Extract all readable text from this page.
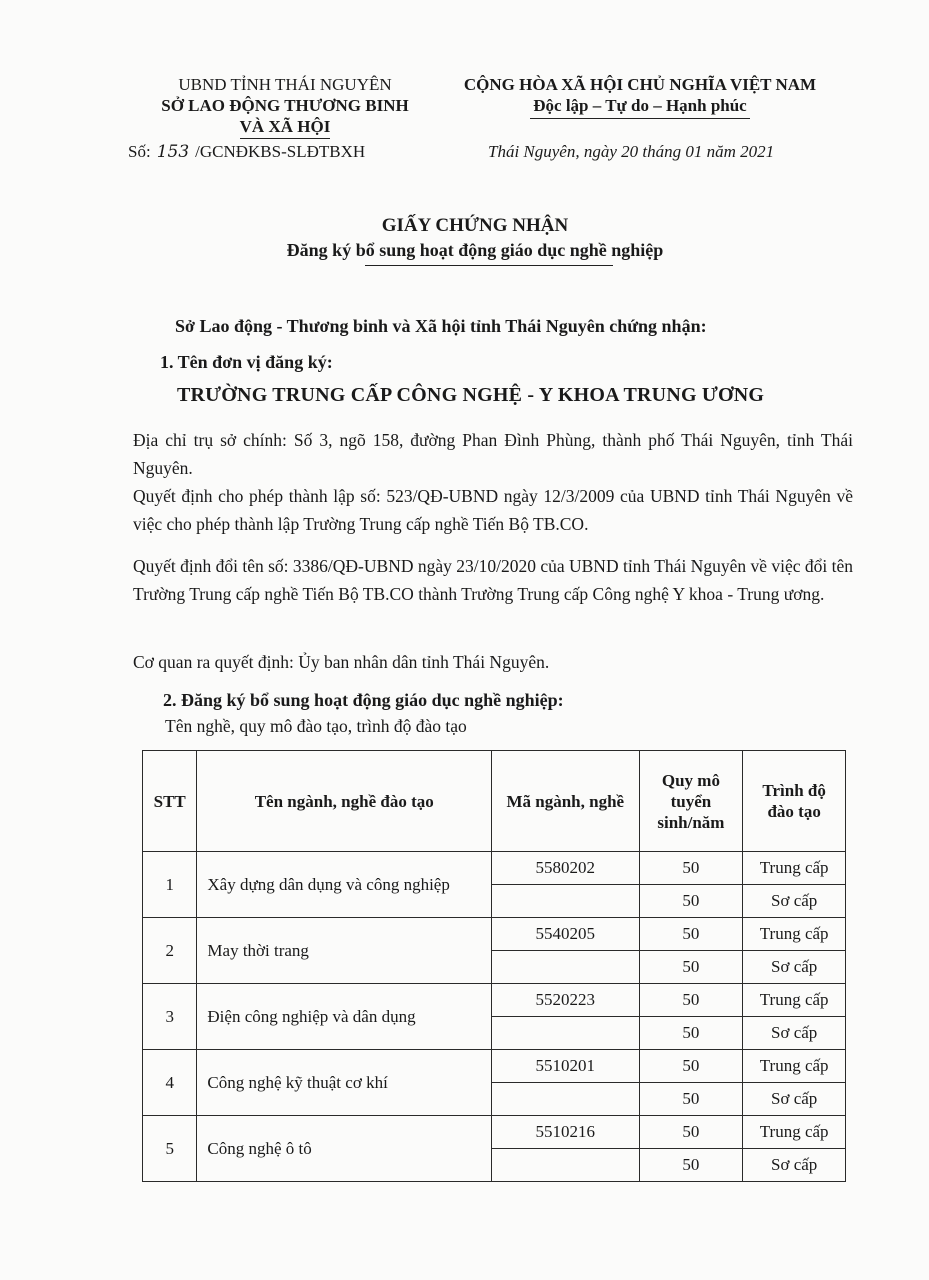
UBND TỈNH THÁI NGUYÊN
SỞ LAO ĐỘNG THƯƠNG BINH
VÀ XÃ HỘI
CỘNG HÒA XÃ HỘI CHỦ NGHĨA VIỆT NAM
Độc lập – Tự do – Hạnh phúc
Số: 153 /GCNĐKBS-SLĐTBXH	Thái Nguyên, ngày 20 tháng 01 năm 2021
GIẤY CHỨNG NHẬN
Đăng ký bổ sung hoạt động giáo dục nghề nghiệp
Sở Lao động - Thương binh và Xã hội tỉnh Thái Nguyên chứng nhận:
1. Tên đơn vị đăng ký:
TRƯỜNG TRUNG CẤP CÔNG NGHỆ - Y KHOA TRUNG ƯƠNG
Địa chỉ trụ sở chính: Số 3, ngõ 158, đường Phan Đình Phùng, thành phố Thái Nguyên, tỉnh Thái Nguyên.
Quyết định cho phép thành lập số: 523/QĐ-UBND ngày 12/3/2009 của UBND tỉnh Thái Nguyên về việc cho phép thành lập Trường Trung cấp nghề Tiến Bộ TB.CO.
Quyết định đổi tên số: 3386/QĐ-UBND ngày 23/10/2020 của UBND tỉnh Thái Nguyên về việc đổi tên Trường Trung cấp nghề Tiến Bộ TB.CO thành Trường Trung cấp Công nghệ Y khoa - Trung ương.
Cơ quan ra quyết định: Ủy ban nhân dân tỉnh Thái Nguyên.
2. Đăng ký bổ sung hoạt động giáo dục nghề nghiệp:
Tên nghề, quy mô đào tạo, trình độ đào tạo
STT	Tên ngành, nghề đào tạo	Mã ngành, nghề	Quy mô tuyển sinh/năm	Trình độ đào tạo
1	Xây dựng dân dụng và công nghiệp	5580202	50	Trung cấp
			50	Sơ cấp
2	May thời trang	5540205	50	Trung cấp
			50	Sơ cấp
3	Điện công nghiệp và dân dụng	5520223	50	Trung cấp
			50	Sơ cấp
4	Công nghệ kỹ thuật cơ khí	5510201	50	Trung cấp
			50	Sơ cấp
5	Công nghệ ô tô	5510216	50	Trung cấp
			50	Sơ cấp
